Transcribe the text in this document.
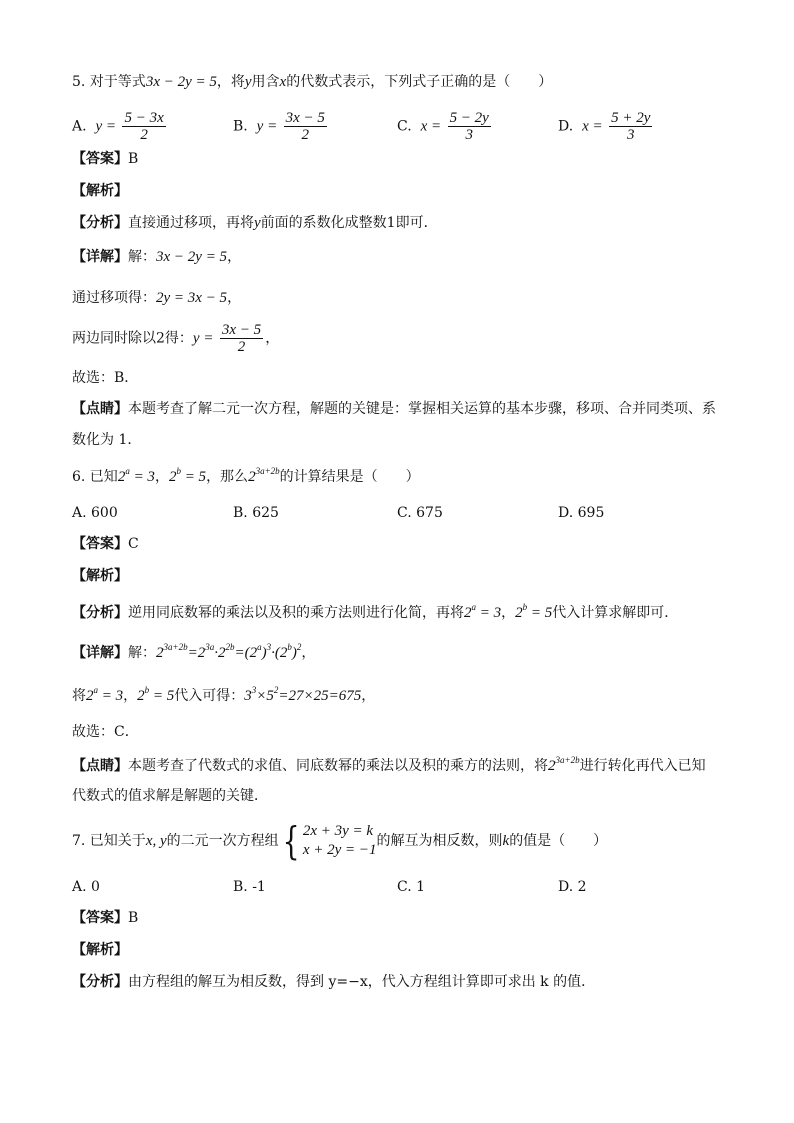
5. 对于等式3x − 2y = 5，将y用含x的代数式表示，下列式子正确的是（　　）
A. $y = \frac{5 - 3x}{2}$	B. $y = \frac{3x - 5}{2}$	C. $x = \frac{5 - 2y}{3}$	D. $x = \frac{5 + 2y}{3}$
【答案】B
【解析】
【分析】直接通过移项，再将y前面的系数化成整数1即可．
【详解】解：3x − 2y = 5，
通过移项得：2y = 3x − 5，
两边同时除以2得：$y = \frac{3x - 5}{2}$ ，
故选：B．
【点睛】本题考查了解二元一次方程，解题的关键是：掌握相关运算的基本步骤，移项、合并同类项、系
数化为 1．
6. 已知$2^a = 3$，$2^b = 5$，那么$2^{3a+2b}$的计算结果是（　　）
A. 600	B. 625	C. 675	D. 695
【答案】C
【解析】
【分析】逆用同底数幂的乘法以及积的乘方法则进行化简，再将$2^a = 3$，$2^b = 5$代入计算求解即可．
【详解】解：$2^{3a+2b}=2^{3a}\cdot 2^{2b}=(2^a)^3\cdot(2^b)^2$，
将$2^a = 3$，$2^b = 5$代入可得：$3^3\times 5^2=27\times 25=675$，
故选：C．
【点睛】本题考查了代数式的求值、同底数幂的乘法以及积的乘方的法则，将$2^{3a+2b}$进行转化再代入已知
代数式的值求解是解题的关键．
7. 已知关于x, y的二元一次方程组{ 2x + 3y = k
x + 2y = −1
的解互为相反数，则k的值是（　　）
A. 0	B. -1	C. 1	D. 2
【答案】B
【解析】
【分析】由方程组的解互为相反数，得到 y=−x，代入方程组计算即可求出 k 的值．
